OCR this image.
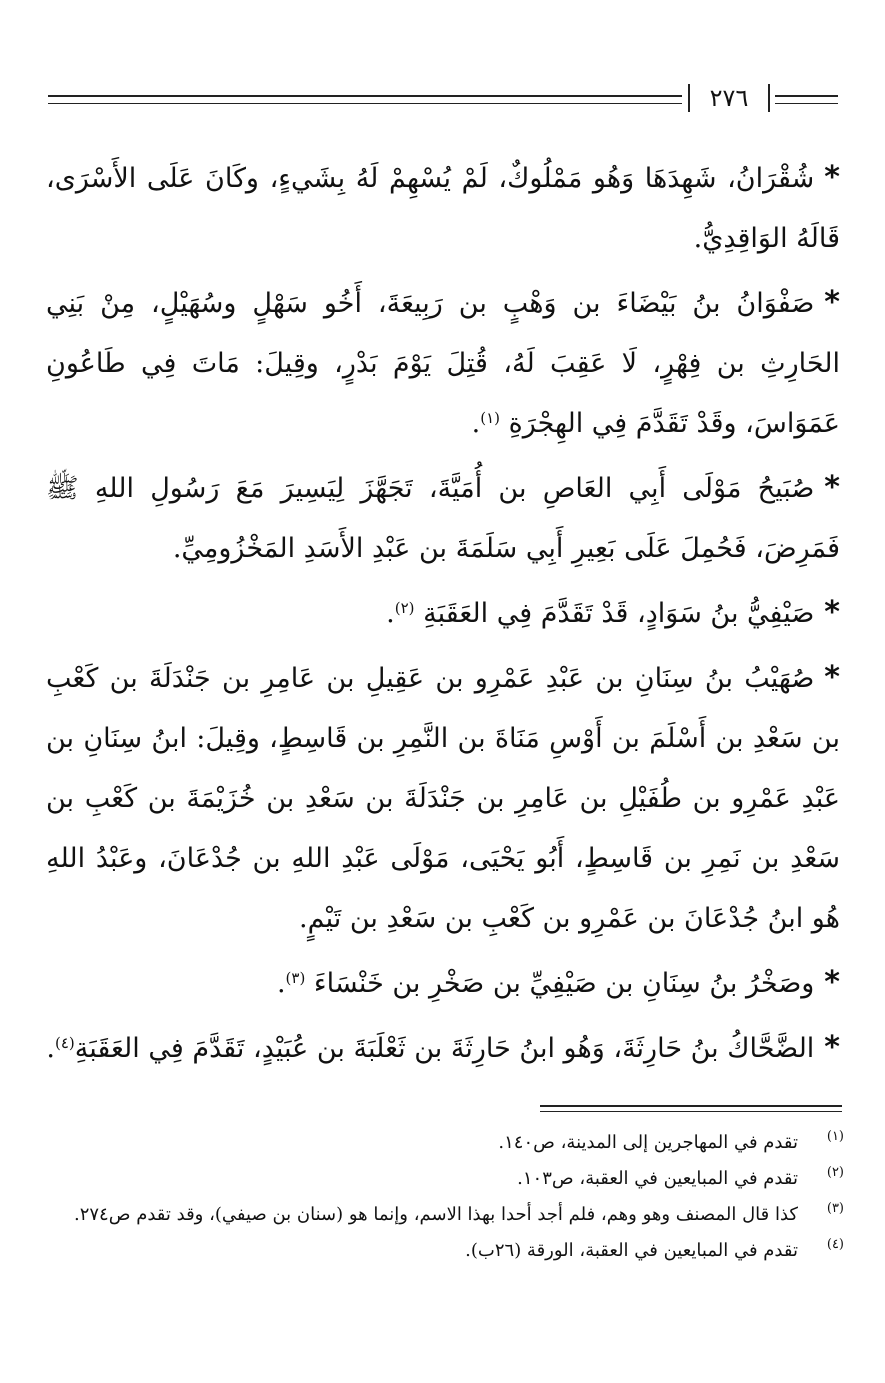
٢٧٦

*شُقْرَانُ، شَهِدَهَا وَهُو مَمْلُوكٌ، لَمْ يُسْهِمْ لَهُ بِشَيءٍ، وكَانَ عَلَى الأَسْرَى، قَالَهُ الوَاقِدِيُّ.

*صَفْوَانُ بنُ بَيْضَاءَ بن وَهْبٍ بن رَبِيعَةَ، أَخُو سَهْلٍ وسُهَيْلٍ، مِنْ بَنِي الحَارِثِ بن فِهْرٍ، لَا عَقِبَ لَهُ، قُتِلَ يَوْمَ بَدْرٍ، وقِيلَ: مَاتَ فِي طَاعُونِ عَمَوَاسَ، وقَدْ تَقَدَّمَ فِي الهِجْرَةِ $^{(١)}$.

*صُبَيحُ مَوْلَى أَبِي العَاصِ بن أُمَيَّةَ، تَجَهَّزَ لِيَسِيرَ مَعَ رَسُولِ اللهِ ﷺ فَمَرِضَ، فَحُمِلَ عَلَى بَعِيرِ أَبِي سَلَمَةَ بن عَبْدِ الأَسَدِ المَخْزُومِيِّ.

*صَيْفِيُّ بنُ سَوَادٍ، قَدْ تَقَدَّمَ فِي العَقَبَةِ $^{(٢)}$.

*صُهَيْبُ بنُ سِنَانِ بن عَبْدِ عَمْرِو بن عَقِيلِ بن عَامِرِ بن جَنْدَلَةَ بن كَعْبِ بن سَعْدِ بن أَسْلَمَ بن أَوْسِ مَنَاةَ بن النَّمِرِ بن قَاسِطٍ، وقِيلَ: ابنُ سِنَانِ بن عَبْدِ عَمْرِو بن طُفَيْلِ بن عَامِرِ بن جَنْدَلَةَ بن سَعْدِ بن خُزَيْمَةَ بن كَعْبِ بن سَعْدِ بن نَمِرِ بن قَاسِطٍ، أَبُو يَحْيَى، مَوْلَى عَبْدِ اللهِ بن جُدْعَانَ، وعَبْدُ اللهِ هُو ابنُ جُدْعَانَ بن عَمْرِو بن كَعْبِ بن سَعْدِ بن تَيْمٍ.

*وصَخْرُ بنُ سِنَانِ بن صَيْفِيِّ بن صَخْرِ بن خَنْسَاءَ $^{(٣)}$.

*الضَّحَّاكُ بنُ حَارِثَةَ، وَهُو ابنُ حَارِثَةَ بن ثَعْلَبَةَ بن عُبَيْدٍ، تَقَدَّمَ فِي العَقَبَةِ$^{(٤)}$.

(١)
تقدم في المهاجرين إلى المدينة، ص١٤٠.
(٢)
تقدم في المبايعين في العقبة، ص١٠٣.
(٣)
كذا قال المصنف وهو وهم، فلم أجد أحدا بهذا الاسم، وإنما هو (سنان بن صيفي)، وقد تقدم ص٢٧٤.
(٤)
تقدم في المبايعين في العقبة، الورقة (٢٦ب).
